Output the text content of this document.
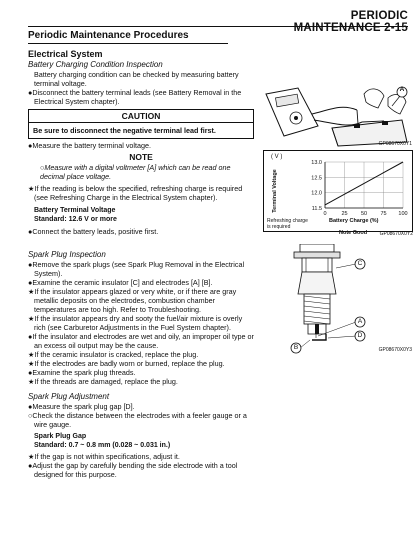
PERIODIC MAINTENANCE 2-15
Periodic Maintenance Procedures

Electrical System

Battery Charging Condition Inspection

Battery charging condition can be checked by measuring battery terminal voltage.

●Disconnect the battery terminal leads (see Battery Removal in the Electrical System chapter).

CAUTION
Be sure to disconnect the negative terminal lead first.

●Measure the battery terminal voltage.

NOTE

○Measure with a digital voltmeter [A] which can be read one decimal place voltage.

★If the reading is below the specified, refreshing charge is required (see Refreshing Charge in the Electrical System chapter).

Battery Terminal Voltage

Standard: 12.6 V or more

●Connect the battery leads, positive first.

Spark Plug Inspection

●Remove the spark plugs (see Spark Plug Removal in the Electrical System).

●Examine the ceramic insulator [C] and electrodes [A] [B].

★If the insulator appears glazed or very white, or if there are gray metallic deposits on the electrodes, combustion chamber temperatures are too high. Refer to Troubleshooting.

★If the insulator appears dry and sooty the fuel/air mixture is overly rich (see Carburetor Adjustments in the Fuel System chapter).

●If the insulator and electrodes are wet and oily, an improper oil type or an excess oil output may be the cause.

★If the ceramic insulator is cracked, replace the plug.

★If the electrodes are badly worn or burned, replace the plug.

●Examine the spark plug threads.

★If the threads are damaged, replace the plug.

Spark Plug Adjustment

●Measure the spark plug gap [D].

○Check the distance between the electrodes with a feeler gauge or a wire gauge.

Spark Plug Gap

Standard: 0.7 ~ 0.8 mm (0.028 ~ 0.031 in.)

★If the gap is not within specifications, adjust it.

●Adjust the gap by carefully bending the side electrode with a tool designed for this purpose.

A
GP08670X0Y1
( V )
Terminal Voltage
0	25 50 75 100
11.5
12.0
12.5
13.0
Battery Charge (%)
Refreshing charge
is required
Note Good	GP08670X0Y2
C
A
D
B	GP08670X0Y3
